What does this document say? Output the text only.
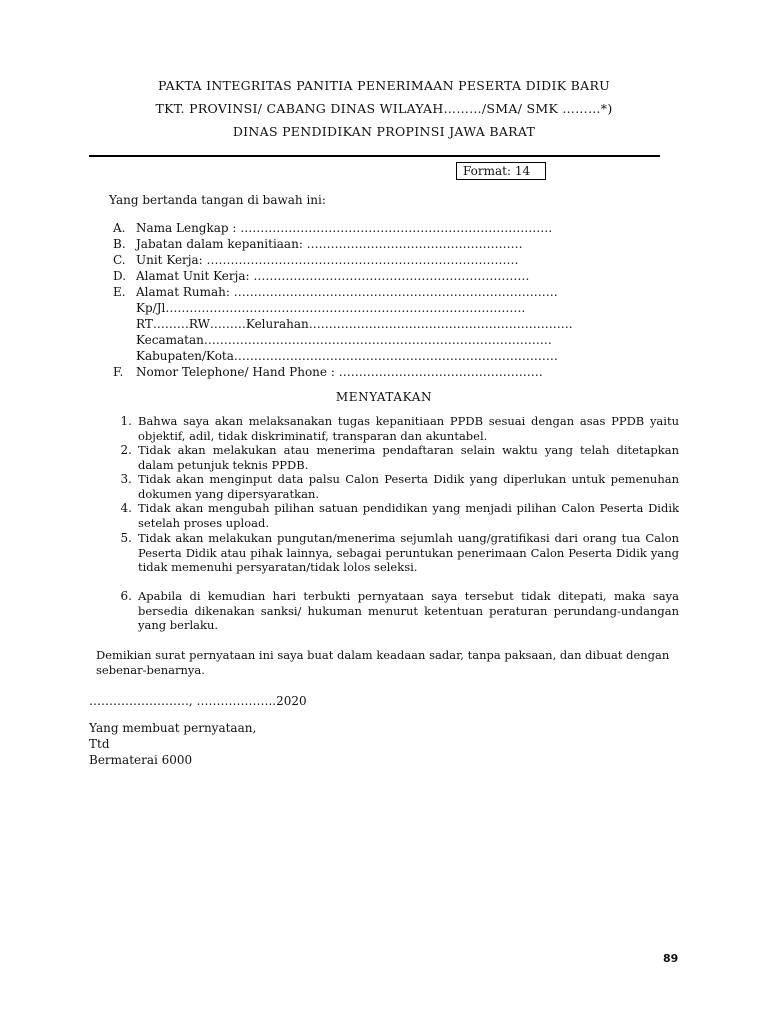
PAKTA INTEGRITAS PANITIA PENERIMAAN PESERTA DIDIK BARU
TKT. PROVINSI/ CABANG DINAS WILAYAH………/SMA/ SMK ………*)
DINAS PENDIDIKAN PROPINSI JAWA BARAT
Format: 14
Yang bertanda tangan di bawah ini:
A. Nama Lengkap : ……………………………………………………………………
B. Jabatan dalam kepanitiaan: ………………………………………………
C. Unit Kerja: ……………………………………………………………………
D. Alamat Unit Kerja: ……………………………………………………………
E. Alamat Rumah: ………………………………………………………………………
Kp/Jl………………………………………………………………………………
RT………RW………Kelurahan…………………………………………………………
Kecamatan……………………………………………………………………………
Kabupaten/Kota………………………………………………………………………
F. Nomor Telephone/ Hand Phone : ……………………………………………
MENYATAKAN
1. Bahwa saya akan melaksanakan tugas kepanitiaan PPDB sesuai dengan asas PPDB yaitu objektif, adil, tidak diskriminatif, transparan dan akuntabel.
2. Tidak akan melakukan atau menerima pendaftaran selain waktu yang telah ditetapkan dalam petunjuk teknis PPDB.
3. Tidak akan menginput data palsu Calon Peserta Didik yang diperlukan untuk pemenuhan dokumen yang dipersyaratkan.
4. Tidak akan mengubah pilihan satuan pendidikan yang menjadi pilihan Calon Peserta Didik setelah proses upload.
5. Tidak akan melakukan pungutan/menerima sejumlah uang/gratifikasi dari orang tua Calon Peserta Didik atau pihak lainnya, sebagai peruntukan penerimaan Calon Peserta Didik yang tidak memenuhi persyaratan/tidak lolos seleksi.
6. Apabila di kemudian hari terbukti pernyataan saya tersebut tidak ditepati, maka saya bersedia dikenakan sanksi/ hukuman menurut ketentuan peraturan perundang-undangan yang berlaku.
Demikian surat pernyataan ini saya buat dalam keadaan sadar, tanpa paksaan, dan dibuat dengan sebenar-benarnya.
……………………., ………………..2020
Yang membuat pernyataan,
Ttd
Bermaterai 6000
89
